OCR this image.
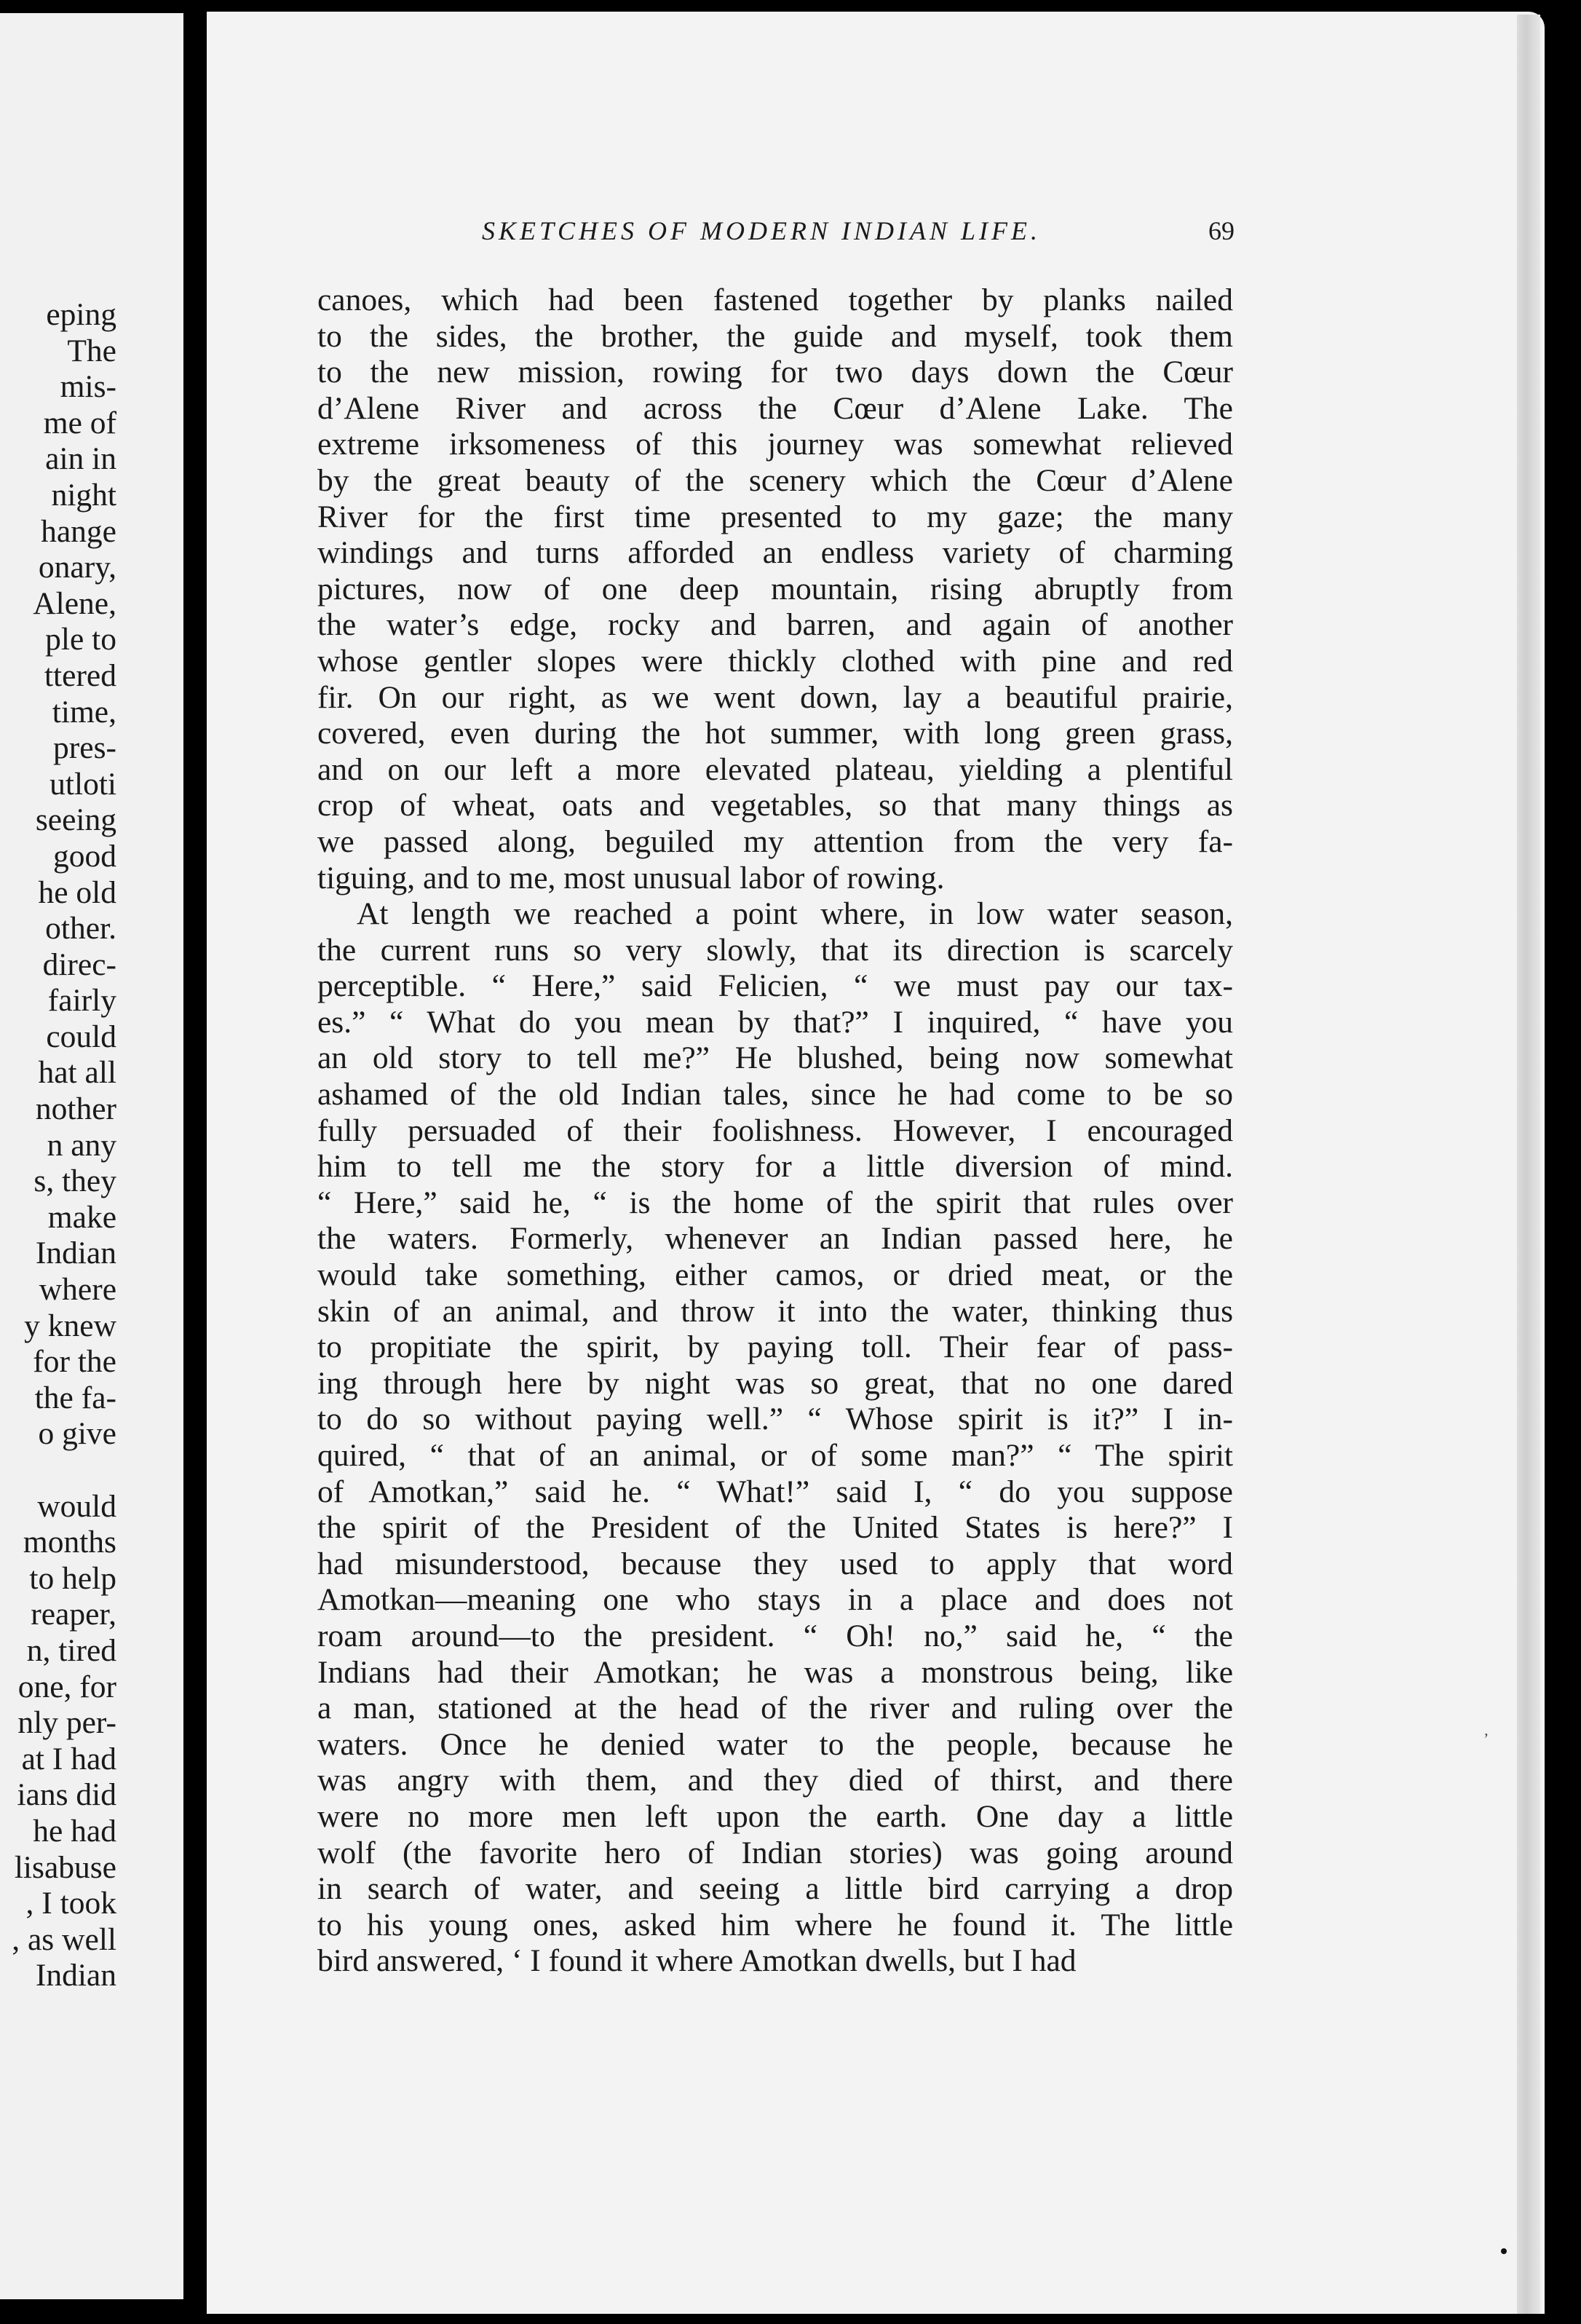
eping
The
mis-
me of
ain in
night
hange
onary,
Alene,
ple to
ttered
time,
pres-
utloti
seeing
good
he old
other.
direc-
fairly
could
hat all
nother
n any
s, they
make
Indian
where
y knew
for the
the fa-
o give
would
months
to help
reaper,
n, tired
one, for
nly per-
at I had
ians did
he had
lisabuse
, I took
, as well
Indian
SKETCHES OF MODERN INDIAN LIFE.	69
canoes, which had been fastened together by planks nailed
to the sides, the brother, the guide and myself, took them
to the new mission, rowing for two days down the Cœur
d’Alene River and across the Cœur d’Alene Lake. The
extreme irksomeness of this journey was somewhat relieved
by the great beauty of the scenery which the Cœur d’Alene
River for the first time presented to my gaze; the many
windings and turns afforded an endless variety of charming
pictures, now of one deep mountain, rising abruptly from
the water’s edge, rocky and barren, and again of another
whose gentler slopes were thickly clothed with pine and red
fir. On our right, as we went down, lay a beautiful prairie,
covered, even during the hot summer, with long green grass,
and on our left a more elevated plateau, yielding a plentiful
crop of wheat, oats and vegetables, so that many things as
we passed along, beguiled my attention from the very fa-
tiguing, and to me, most unusual labor of rowing.
At length we reached a point where, in low water season,
the current runs so very slowly, that its direction is scarcely
perceptible. “ Here,” said Felicien, “ we must pay our tax-
es.” “ What do you mean by that?” I inquired, “ have you
an old story to tell me?” He blushed, being now somewhat
ashamed of the old Indian tales, since he had come to be so
fully persuaded of their foolishness. However, I encouraged
him to tell me the story for a little diversion of mind.
“ Here,” said he, “ is the home of the spirit that rules over
the waters. Formerly, whenever an Indian passed here, he
would take something, either camos, or dried meat, or the
skin of an animal, and throw it into the water, thinking thus
to propitiate the spirit, by paying toll. Their fear of pass-
ing through here by night was so great, that no one dared
to do so without paying well.” “ Whose spirit is it?” I in-
quired, “ that of an animal, or of some man?” “ The spirit
of Amotkan,” said he. “ What!” said I, “ do you suppose
the spirit of the President of the United States is here?” I
had misunderstood, because they used to apply that word
Amotkan—meaning one who stays in a place and does not
roam around—to the president. “ Oh! no,” said he, “ the
Indians had their Amotkan; he was a monstrous being, like
a man, stationed at the head of the river and ruling over the
waters. Once he denied water to the people, because he
was angry with them, and they died of thirst, and there
were no more men left upon the earth. One day a little
wolf (the favorite hero of Indian stories) was going around
in search of water, and seeing a little bird carrying a drop
to his young ones, asked him where he found it. The little
bird answered, ‘ I found it where Amotkan dwells, but I had
ʼ
